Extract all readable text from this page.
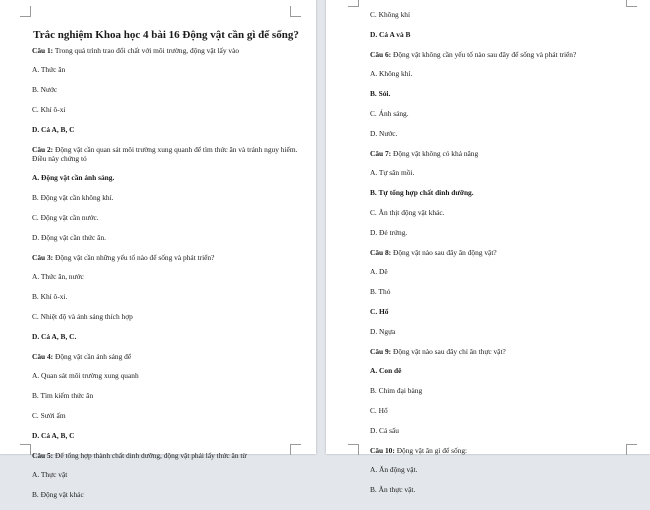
Trắc nghiệm Khoa học 4 bài 16 Động vật cần gì để sống?
Câu 1: Trong quá trình trao đổi chất với môi trường, động vật lấy vào
A. Thức ăn
B. Nước
C. Khí ô-xi
D. Cả A, B, C
Câu 2: Động vật cần quan sát môi trường xung quanh để tìm thức ăn và tránh nguy hiểm. Điều này chứng tỏ
A. Động vật cần ánh sáng.
B. Động vật cần không khí.
C. Động vật cần nước.
D. Động vật cần thức ăn.
Câu 3: Động vật cần những yếu tố nào để sống và phát triển?
A. Thức ăn, nước
B. Khí ô-xi.
C. Nhiệt độ và ánh sáng thích hợp
D. Cả A, B, C.
Câu 4: Động vật cần ánh sáng để
A. Quan sát môi trường xung quanh
B. Tìm kiếm thức ăn
C. Sưởi ấm
D. Cả A, B, C
Câu 5: Để tổng hợp thành chất dinh dưỡng, động vật phải lấy thức ăn từ
A. Thực vật
B. Động vật khác
C. Không khí
D. Cả A và B
Câu 6: Động vật không cần yếu tố nào sau đây để sống và phát triển?
A. Không khí.
B. Sỏi.
C. Ánh sáng.
D. Nước.
Câu 7: Động vật không có khả năng
A. Tự săn mồi.
B. Tự tổng hợp chất dinh dưỡng.
C. Ăn thịt động vật khác.
D. Đẻ trứng.
Câu 8: Động vật nào sau đây ăn động vật?
A. Dê
B. Thỏ
C. Hổ
D. Ngựa
Câu 9: Động vật nào sau đây chỉ ăn thực vật?
A. Con dê
B. Chim đại bàng
C. Hổ
D. Cá sấu
Câu 10: Động vật ăn gì để sống:
A. Ăn động vật.
B. Ăn thực vật.
